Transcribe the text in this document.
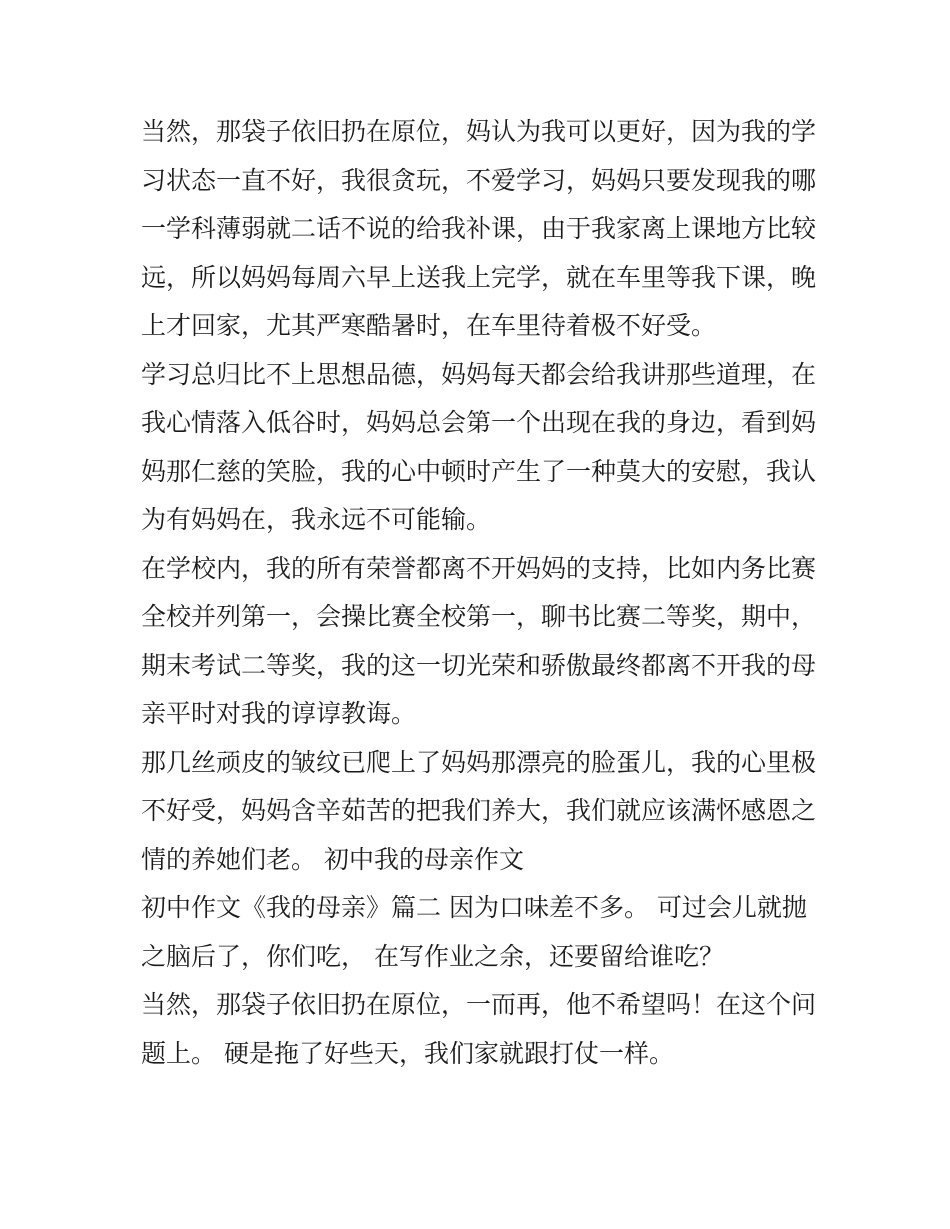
当然，那袋子依旧扔在原位，妈认为我可以更好，因为我的学
习状态一直不好，我很贪玩，不爱学习，妈妈只要发现我的哪
一学科薄弱就二话不说的给我补课，由于我家离上课地方比较
远，所以妈妈每周六早上送我上完学，就在车里等我下课，晚
上才回家，尤其严寒酷暑时，在车里待着极不好受。
学习总归比不上思想品德，妈妈每天都会给我讲那些道理，在
我心情落入低谷时，妈妈总会第一个出现在我的身边，看到妈
妈那仁慈的笑脸，我的心中顿时产生了一种莫大的安慰，我认
为有妈妈在，我永远不可能输。
在学校内，我的所有荣誉都离不开妈妈的支持，比如内务比赛
全校并列第一，会操比赛全校第一，聊书比赛二等奖，期中，
期末考试二等奖，我的这一切光荣和骄傲最终都离不开我的母
亲平时对我的谆谆教诲。
那几丝顽皮的皱纹已爬上了妈妈那漂亮的脸蛋儿，我的心里极
不好受，妈妈含辛茹苦的把我们养大，我们就应该满怀感恩之
情的养她们老。 初中我的母亲作文
初中作文《我的母亲》篇二 因为口味差不多。 可过会儿就抛
之脑后了，你们吃， 在写作业之余，还要留给谁吃？
当然，那袋子依旧扔在原位，一而再，他不希望吗！在这个问
题上。 硬是拖了好些天，我们家就跟打仗一样。
